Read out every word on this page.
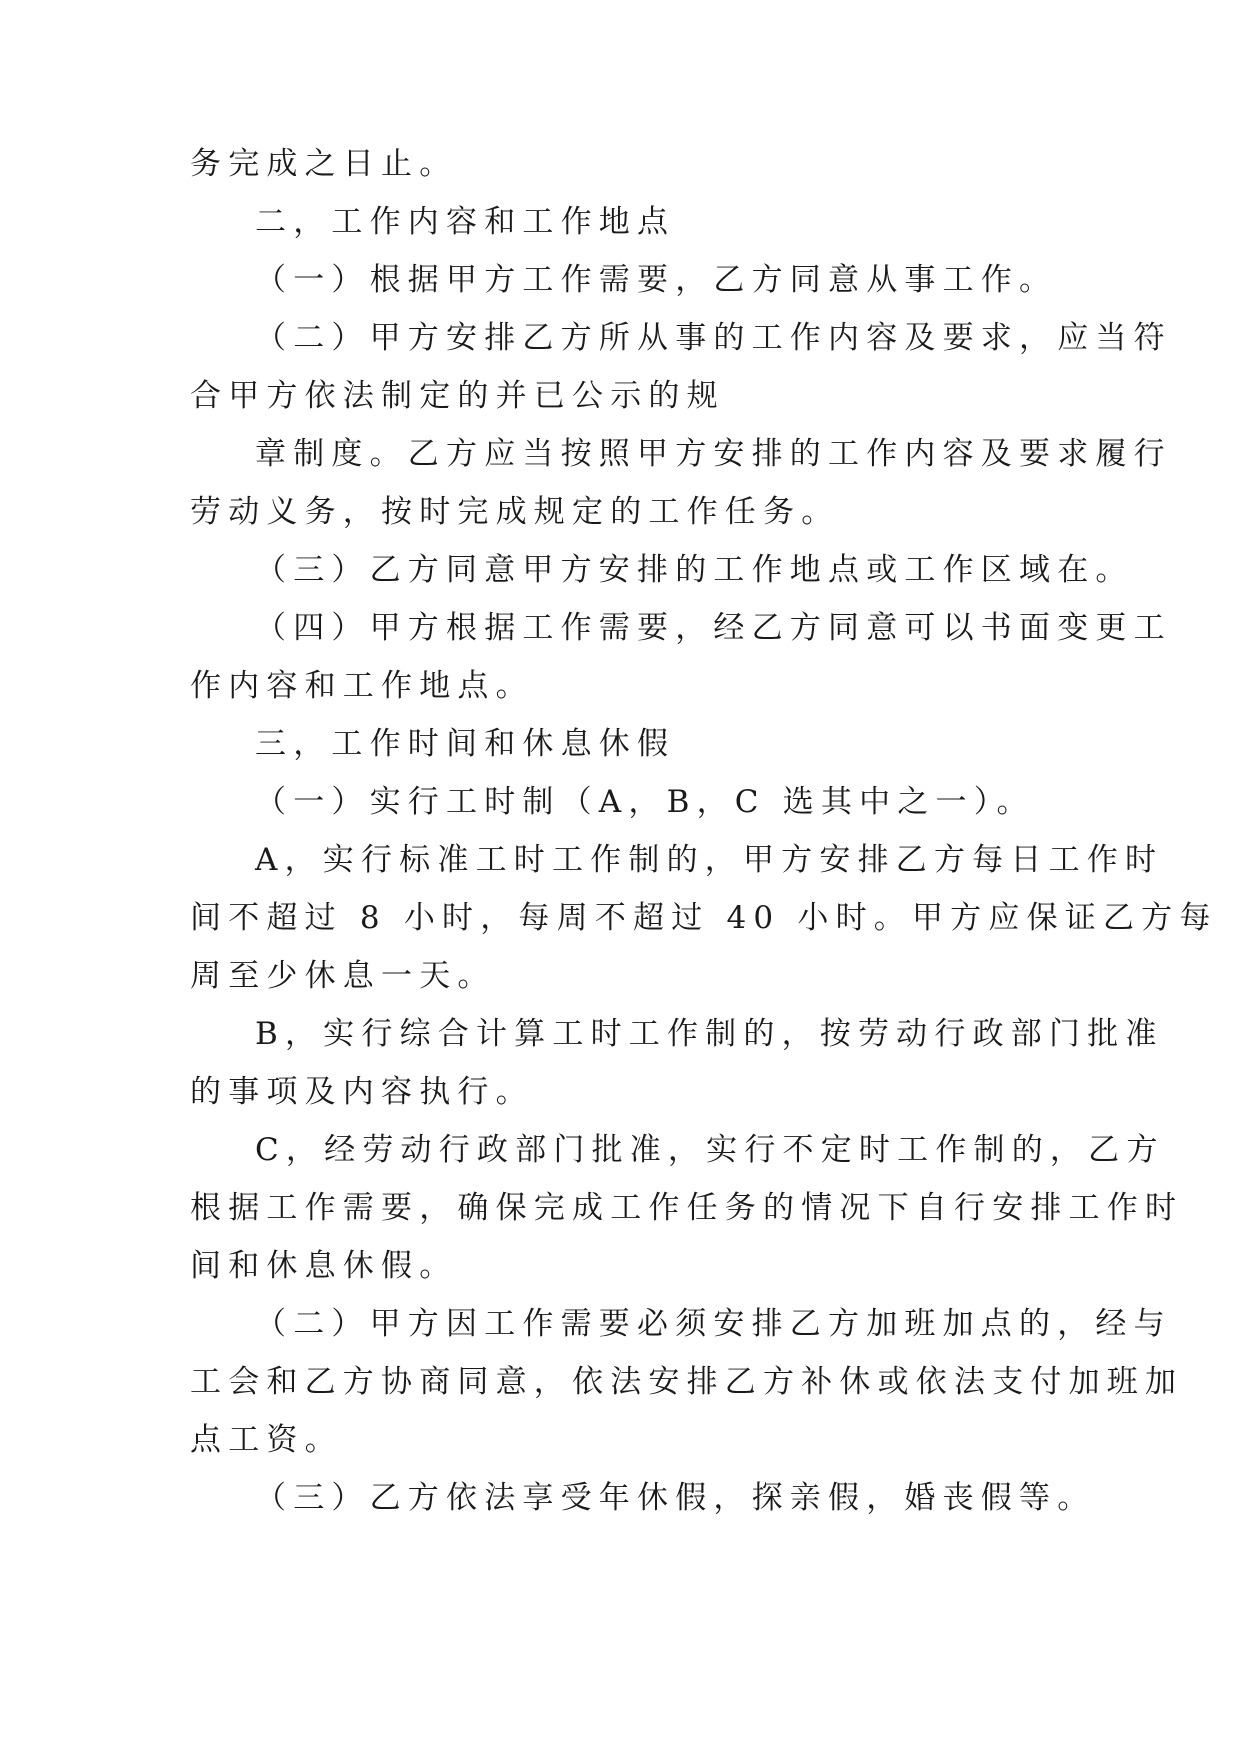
务完成之日止。
二，工作内容和工作地点
（一）根据甲方工作需要，乙方同意从事工作。
（二）甲方安排乙方所从事的工作内容及要求，应当符
合甲方依法制定的并已公示的规
章制度。乙方应当按照甲方安排的工作内容及要求履行
劳动义务，按时完成规定的工作任务。
（三）乙方同意甲方安排的工作地点或工作区域在。
（四）甲方根据工作需要，经乙方同意可以书面变更工
作内容和工作地点。
三，工作时间和休息休假
（一）实行工时制（A，B，C 选其中之一）。
A，实行标准工时工作制的，甲方安排乙方每日工作时
间不超过 8 小时，每周不超过 40 小时。甲方应保证乙方每
周至少休息一天。
B，实行综合计算工时工作制的，按劳动行政部门批准
的事项及内容执行。
C，经劳动行政部门批准，实行不定时工作制的，乙方
根据工作需要，确保完成工作任务的情况下自行安排工作时
间和休息休假。
（二）甲方因工作需要必须安排乙方加班加点的，经与
工会和乙方协商同意，依法安排乙方补休或依法支付加班加
点工资。
（三）乙方依法享受年休假，探亲假，婚丧假等。
